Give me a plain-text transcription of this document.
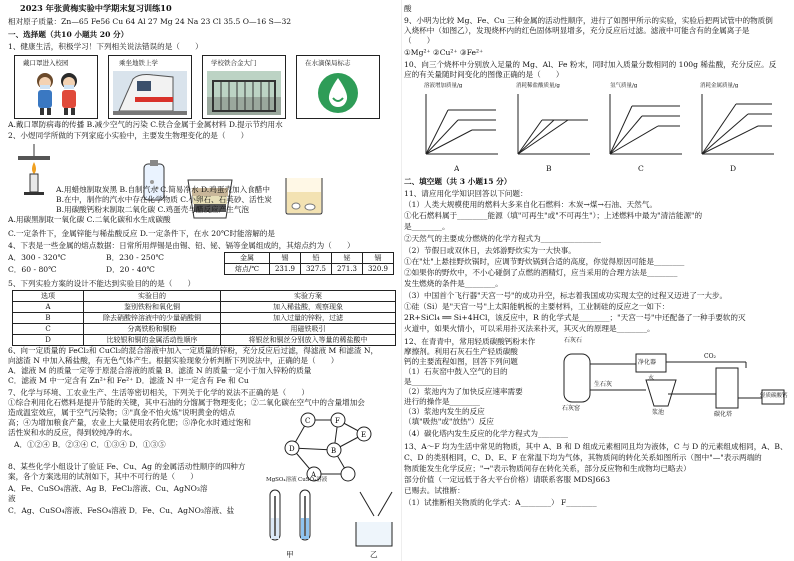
2023 年张黄梅实验中学期末复习训练10
相对原子质量：Zn—65 Fe56 Cu 64 Al 27 Mg 24 Na 23 Cl 35.5 O—16 S—32
一、选择题（共10 小题共 20 分）
1、健康生活，积极学习！下列相关说法错误的是（　　）
戴口罩进入校园	乘坐地铁上学	学校铁合金大门	在水滴保局标志
A.戴口罩防病毒的传播 B.减少空气的污染 C.铁合金属于金属材料 D.提示节约用水
2、小煜同学所做的下列家庭小实验中，主要发生物理变化的是（　　）
A.用蜡烛制取炭黑 B.自制汽水 C.简易净水 D.鸡蛋壳加入食醋中
B.在中，制作的汽水中存在化学物质 C.小卵石、石英砂、活性炭
B.用碳酸钙粉末制取二氧化碳 C.鸡蛋壳与醋反应产生气泡
A.用碳黑制取一氧化碳 C.二氧化碳和水生成碳酸
C.一定条件下，金属锌能与稀盐酸反应 D.一定条件下，在水 20℃时能溶解的是
4、下表是一些金属的熔点数据：日常所用焊锡是由锡、铅、铋、镉等金属组成的，其熔点约为（　　）
A．300 - 320℃	B．230 - 250℃
C．60 - 80℃	D．20 - 40℃
金属	锡	铅	铋	镉
熔点/℃	231.9	327.5	271.3	320.9
5、下列实验方案的设计不能达到实验目的的是（　　）
选项	实验目的	实验方案
A	鉴别铁粉和氧化铜	加入稀盐酸，观察现象
B	除去硝酸锌溶液中的少量硝酸铜	加入过量的锌粉，过滤
C	分离铁粉和铜粉	用磁铁吸引
D	比较银和铜的金属活动性顺序	将银丝和铜丝分别放入等量的稀盐酸中
6、向一定质量的 FeCl₂和 CuCl₂的混合溶液中加入一定质量的锌粉，充分反应后过滤，得滤液 M 和滤渣 N，
向滤渣 N 中加入稀盐酸，有无色气体产生。根据实验现象分析判断下列说法中，正确的是（　　）
A．滤液 M 的质量一定等于原混合溶液的质量 B．滤渣 N 的质量一定小于加入锌粉的质量
C．滤液 M 中一定含有 Zn²⁺和 Fe²⁺ D．滤渣 N 中一定含有 Fe 和 Cu
7、化学与环境、工农业生产、生活等密切相关，下列关于化学的说法不正确的是（　　）
①综合利用化石燃料是提升节能的关键，其中石油的分馏属于物理变化；②二氧化碳在空气中的含量增加会
造成温室效应，属于空气污染物；③"真金不怕火炼"说明黄金的熔点
高；④为增加粮食产量，农业上大量使用农药化肥；⑤净化水时通过饱和
活性炭和水的反应，得到较纯净的水。
A．①②④ B．②③④ C．①③④ D．①③⑤
C	F
E
D	B
A
8、某些化学小组设计了验证 Fe、Cu、Ag 的金属活动性顺序的四种方
案，各个方案选用的试剂如下，其中不可行的是（　　）
A．Fe、CuSO₄溶液、Ag B．FeCl₂溶液、Cu、AgNO₃溶
液
C．Ag、CuSO₄溶液、FeSO₄溶液 D．Fe、Cu、AgNO₃溶液、盐
MgSO₄溶液 CuSO₄溶液
甲	乙
酸
9、小明为比较 Mg、Fe、Cu 三种金属的活动性顺序，进行了如图甲所示的实验，实验后把两试管中的物质倒
入烧杯中（如图乙），发现烧杯内的红色固体明显增多，充分反应后过滤。滤液中可能含有的金属离子是
（　　）
①Mg²⁺ ②Cu²⁺ ③Fe²⁺
10、向三个烧杯中分别放入足量的 Mg、Al、Fe 粉末，同时加入质量分数相同的 100g 稀盐酸，充分反应。反
应的有关量随时间变化的图像正确的是（　　）
溶液增加质量/g	消耗稀盐酸质量/g	氢气质量/g	消耗金属质量/g
A	B	C	D
二、填空题（共 3 小题15 分）
11、请应用化学知识回答以下问题：
（1）人类大规模使用的燃料大多来自化石燃料：木炭→煤→石油、天然气。
①化石燃料属于________能源（填"可再生"或"不可再生"）；上述燃料中最为"清洁能源"的
是________。
②天然气的主要成分燃烧的化学方程式为________________
（2）节假日或双休日，去郊游野炊实为一大快事。
①在"灶"上悬挂野炊锅时，应调节野炊锅到合适的高度，你觉得原因可能是________
②如果你的野炊中，不小心碰倒了点燃的酒精灯，应当采用的合理方法是________
发生燃烧的条件是________。
（3）中国首个飞行器"天宫一号"的成功升空，标志着我国成功实现太空的过程又迈进了一大步。
①硅（Si）是"天宫一号"上太阳能帆板的主要材料，工业制硅的反应之一如下：
2R+SiCl₄ ══ Si+4HCl，该反应中，R 的化学式是________；"天宫一号"中还配备了一种手要软的灭
火道中，如果火情小，可以采用扑灭法来扑灭，其灭火的原理是________。
12、在青青中，常用轻质碳酸钙粉末作
摩擦剂。利用石灰石生产轻质碳酸
钙的主要流程如图，回答下列问题
（1）石灰窑中鼓入空气的目的
是________
（2）浆池内为了加快反应速率需要
进行的操作是________
（3）浆池内发生的反应
（填"吸热"或"放热"）反应
（4）碳化塔内发生反应的化学方程式为________
石灰石
生石灰
净化器
CO₂
水
浆池	碳化塔
轻质碳酸钙
石灰窑
13、A～F 均为生活中常见的物质，其中 A、B 和 D 组成元素相同且均为液体，C 与 D 的元素组成相同，A、B、
C、D 的类别相同，C、D、E、F 在常温下均为气体，其物质间的转化关系如图所示（图中"—"表示两端的
物质能发生化学反应；"→"表示物质间存在转化关系，部分反应物和生成物均已略去）
部分价值（一定远低于各大平台价格）请联系客服 MDSJ663
已赐去。试推断：
（1）试推断相关物质的化学式：A________） F________
